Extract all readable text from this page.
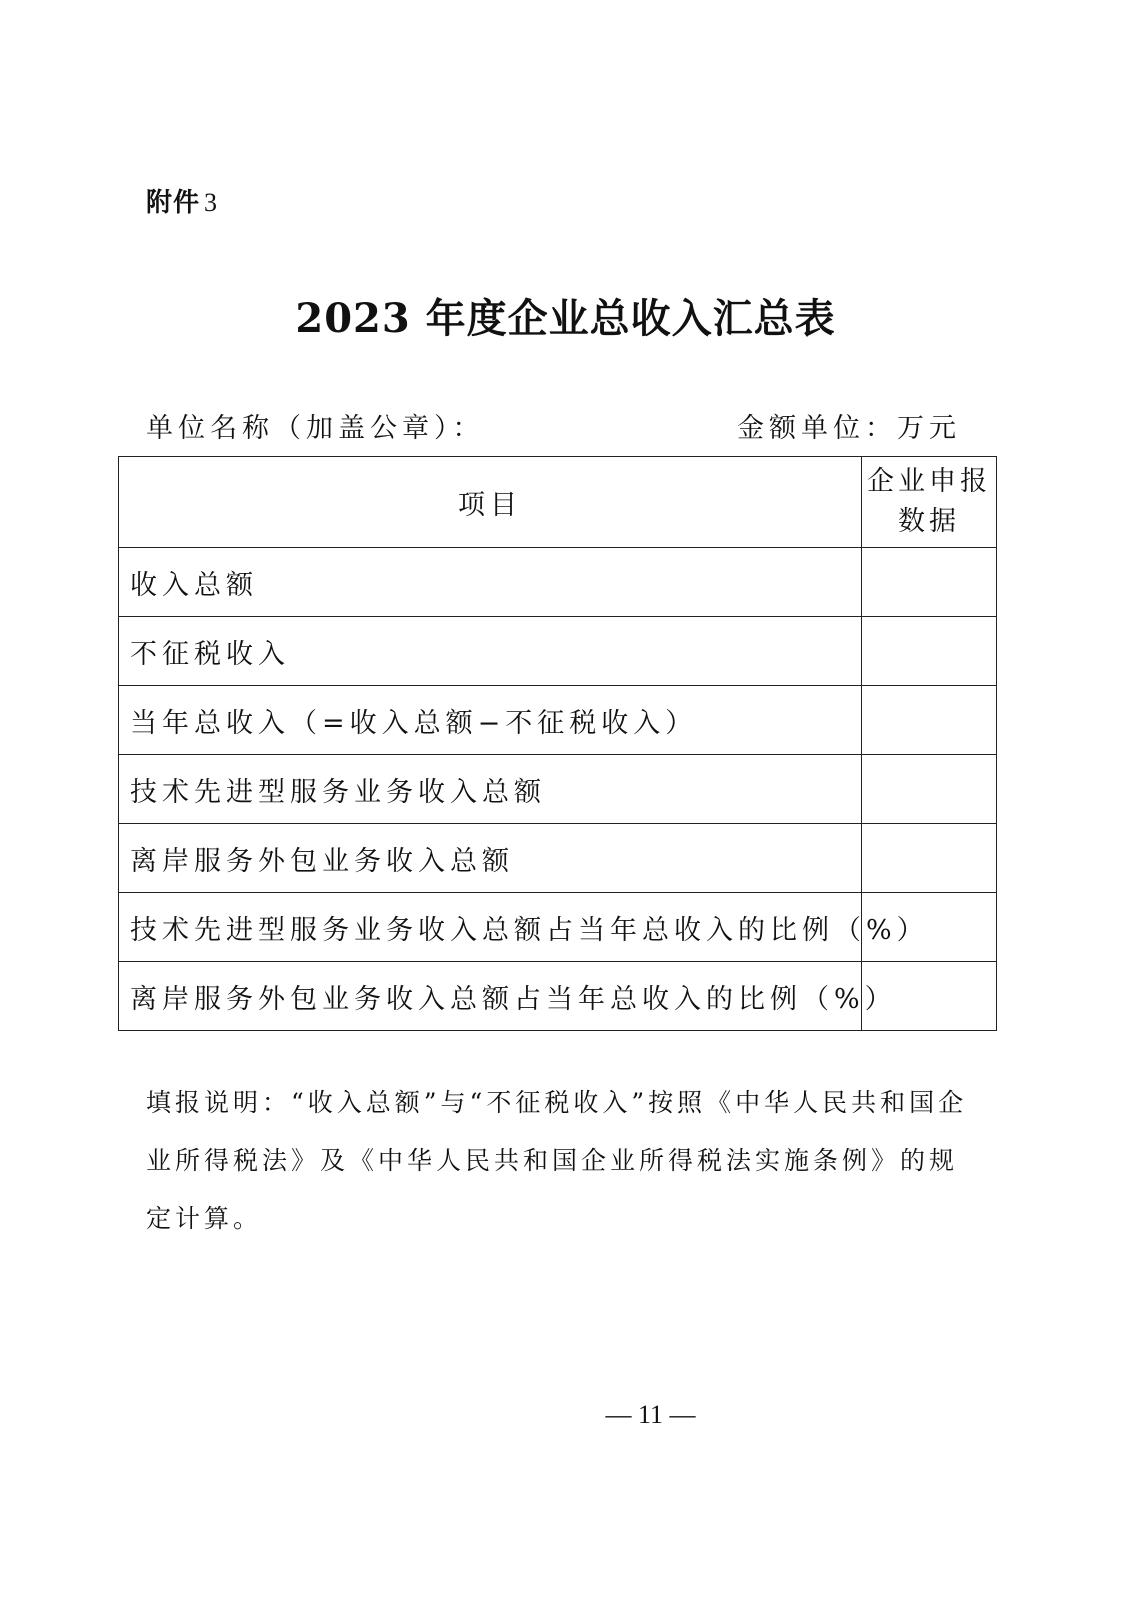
附件 3
2023 年度企业总收入汇总表
单位名称（加盖公章）：	金额单位：万元
项目	企业申报数据
收入总额	
不征税收入	
当年总收入（=收入总额−不征税收入）	
技术先进型服务业务收入总额	
离岸服务外包业务收入总额	
技术先进型服务业务收入总额占当年总收入的比例（%）	
离岸服务外包业务收入总额占当年总收入的比例（%）	
填报说明：“收入总额”与“不征税收入”按照《中华人民共和国企业所得税法》及《中华人民共和国企业所得税法实施条例》的规定计算。
— 11 —
